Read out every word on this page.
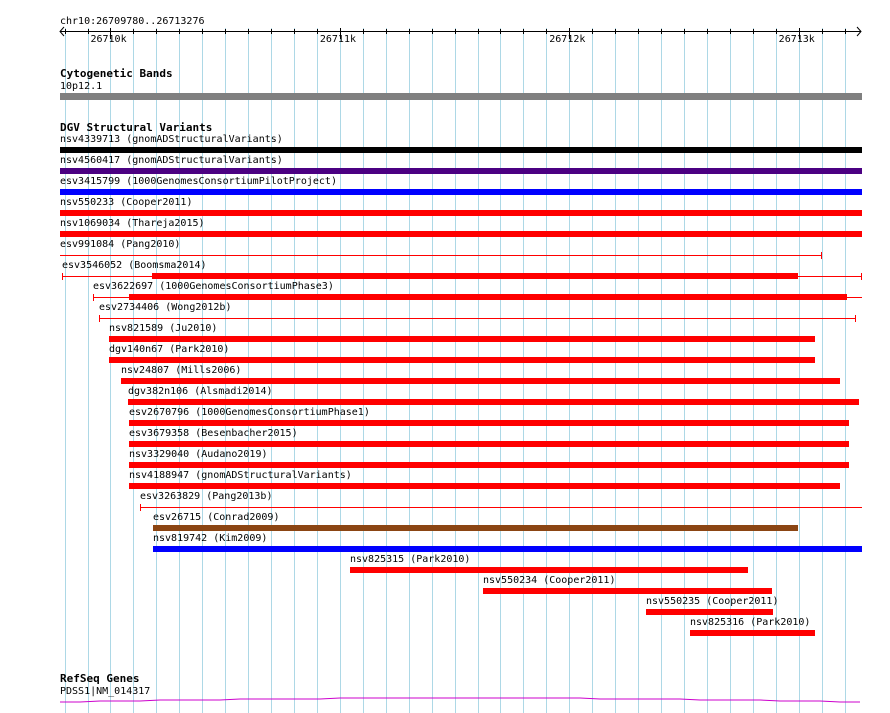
chr10:26709780..26713276
26710k	26711k	26712k	26713k
Cytogenetic Bands
10p12.1
DGV Structural Variants
nsv4339713 (gnomADStructuralVariants)
nsv4560417 (gnomADStructuralVariants)
esv3415799 (1000GenomesConsortiumPilotProject)
nsv550233 (Cooper2011)
nsv1069034 (Thareja2015)
esv991084 (Pang2010)
esv3546052 (Boomsma2014)
esv3622697 (1000GenomesConsortiumPhase3)
esv2734406 (Wong2012b)
nsv821589 (Ju2010)
dgv140n67 (Park2010)
nsv24807 (Mills2006)
dgv382n106 (Alsmadi2014)
esv2670796 (1000GenomesConsortiumPhase1)
esv3679358 (Besenbacher2015)
nsv3329040 (Audano2019)
nsv4188947 (gnomADStructuralVariants)
esv3263829 (Pang2013b)
esv26715 (Conrad2009)
nsv819742 (Kim2009)
nsv825315 (Park2010)
nsv550234 (Cooper2011)
nsv550235 (Cooper2011)
nsv825316 (Park2010)
RefSeq Genes
PDSS1|NM_014317
